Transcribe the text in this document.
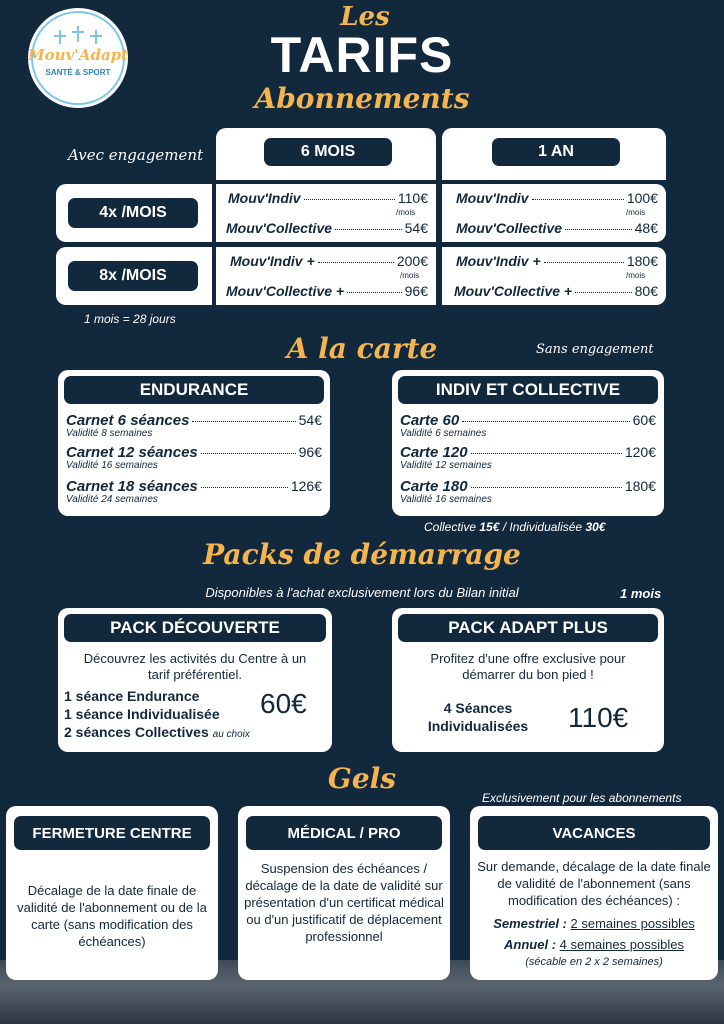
Mouv'Adapt
SANTÉ & SPORT
Les
TARIFS
Abonnements
Avec engagement	6 MOIS	1 AN
4x /MOIS
Mouv'Indiv	110€
/mois
Mouv'Collective	54€
Mouv'Indiv	100€
/mois
Mouv'Collective	48€
8x /MOIS
Mouv'Indiv +	200€
/mois
Mouv'Collective +	96€
Mouv'Indiv +	180€
/mois
Mouv'Collective +	80€
1 mois = 28 jours
A la carte	Sans engagement
ENDURANCE
Carnet 6 séances	54€
Validité 8 semaines
Carnet 12 séances	96€
Validité 16 semaines
Carnet 18 séances	126€
Validité 24 semaines
INDIV ET COLLECTIVE
Carte 60	60€
Validité 6 semaines
Carte 120	120€
Validité 12 semaines
Carte 180	180€
Validité 16 semaines
Collective 15€ / Individualisée 30€
Packs de démarrage
Disponibles à l'achat exclusivement lors du Bilan initial	1 mois
PACK DÉCOUVERTE
Découvrez les activités du Centre à un tarif préférentiel.
1 séance Endurance
1 séance Individualisée
2 séances Collectives au choix
60€
PACK ADAPT PLUS
Profitez d'une offre exclusive pour démarrer du bon pied !
4 Séances
Individualisées	110€
Gels
Exclusivement pour les abonnements
FERMETURE CENTRE
Décalage de la date finale de validité de l'abonnement ou de la carte (sans modification des échéances)
MÉDICAL / PRO
Suspension des échéances / décalage de la date de validité sur présentation d'un certificat médical ou d'un justificatif de déplacement professionnel
VACANCES
Sur demande, décalage de la date finale de validité de l'abonnement (sans modification des échéances) :
Semestriel : 2 semaines possibles
Annuel : 4 semaines possibles
(sécable en 2 x 2 semaines)
